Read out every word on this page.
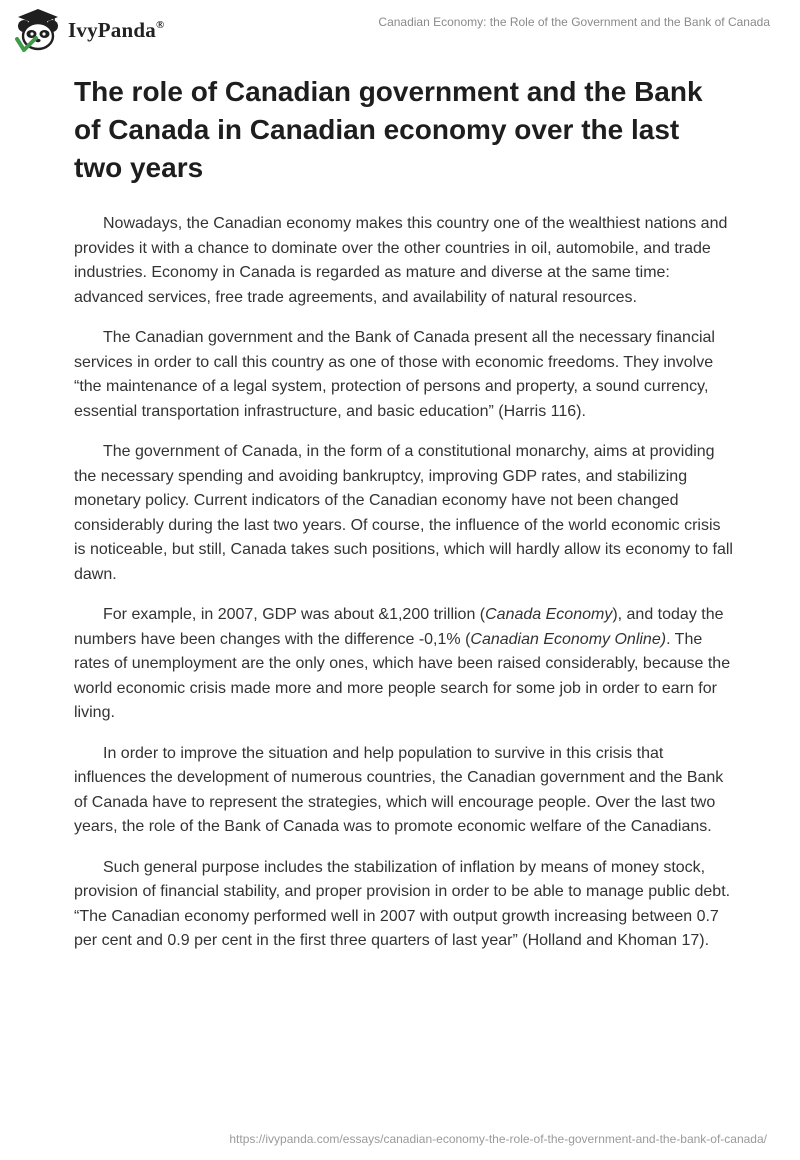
IvyPanda®	Canadian Economy: the Role of the Government and the Bank of Canada
The role of Canadian government and the Bank of Canada in Canadian economy over the last two years

Nowadays, the Canadian economy makes this country one of the wealthiest nations and provides it with a chance to dominate over the other countries in oil, automobile, and trade industries. Economy in Canada is regarded as mature and diverse at the same time: advanced services, free trade agreements, and availability of natural resources.

The Canadian government and the Bank of Canada present all the necessary financial services in order to call this country as one of those with economic freedoms. They involve “the maintenance of a legal system, protection of persons and property, a sound currency, essential transportation infrastructure, and basic education” (Harris 116).

The government of Canada, in the form of a constitutional monarchy, aims at providing the necessary spending and avoiding bankruptcy, improving GDP rates, and stabilizing monetary policy. Current indicators of the Canadian economy have not been changed considerably during the last two years. Of course, the influence of the world economic crisis is noticeable, but still, Canada takes such positions, which will hardly allow its economy to fall dawn.

For example, in 2007, GDP was about &1,200 trillion (Canada Economy), and today the numbers have been changes with the difference -0,1% (Canadian Economy Online). The rates of unemployment are the only ones, which have been raised considerably, because the world economic crisis made more and more people search for some job in order to earn for living.

In order to improve the situation and help population to survive in this crisis that influences the development of numerous countries, the Canadian government and the Bank of Canada have to represent the strategies, which will encourage people. Over the last two years, the role of the Bank of Canada was to promote economic welfare of the Canadians.

Such general purpose includes the stabilization of inflation by means of money stock, provision of financial stability, and proper provision in order to be able to manage public debt. “The Canadian economy performed well in 2007 with output growth increasing between 0.7 per cent and 0.9 per cent in the first three quarters of last year” (Holland and Khoman 17).

https://ivypanda.com/essays/canadian-economy-the-role-of-the-government-and-the-bank-of-canada/
